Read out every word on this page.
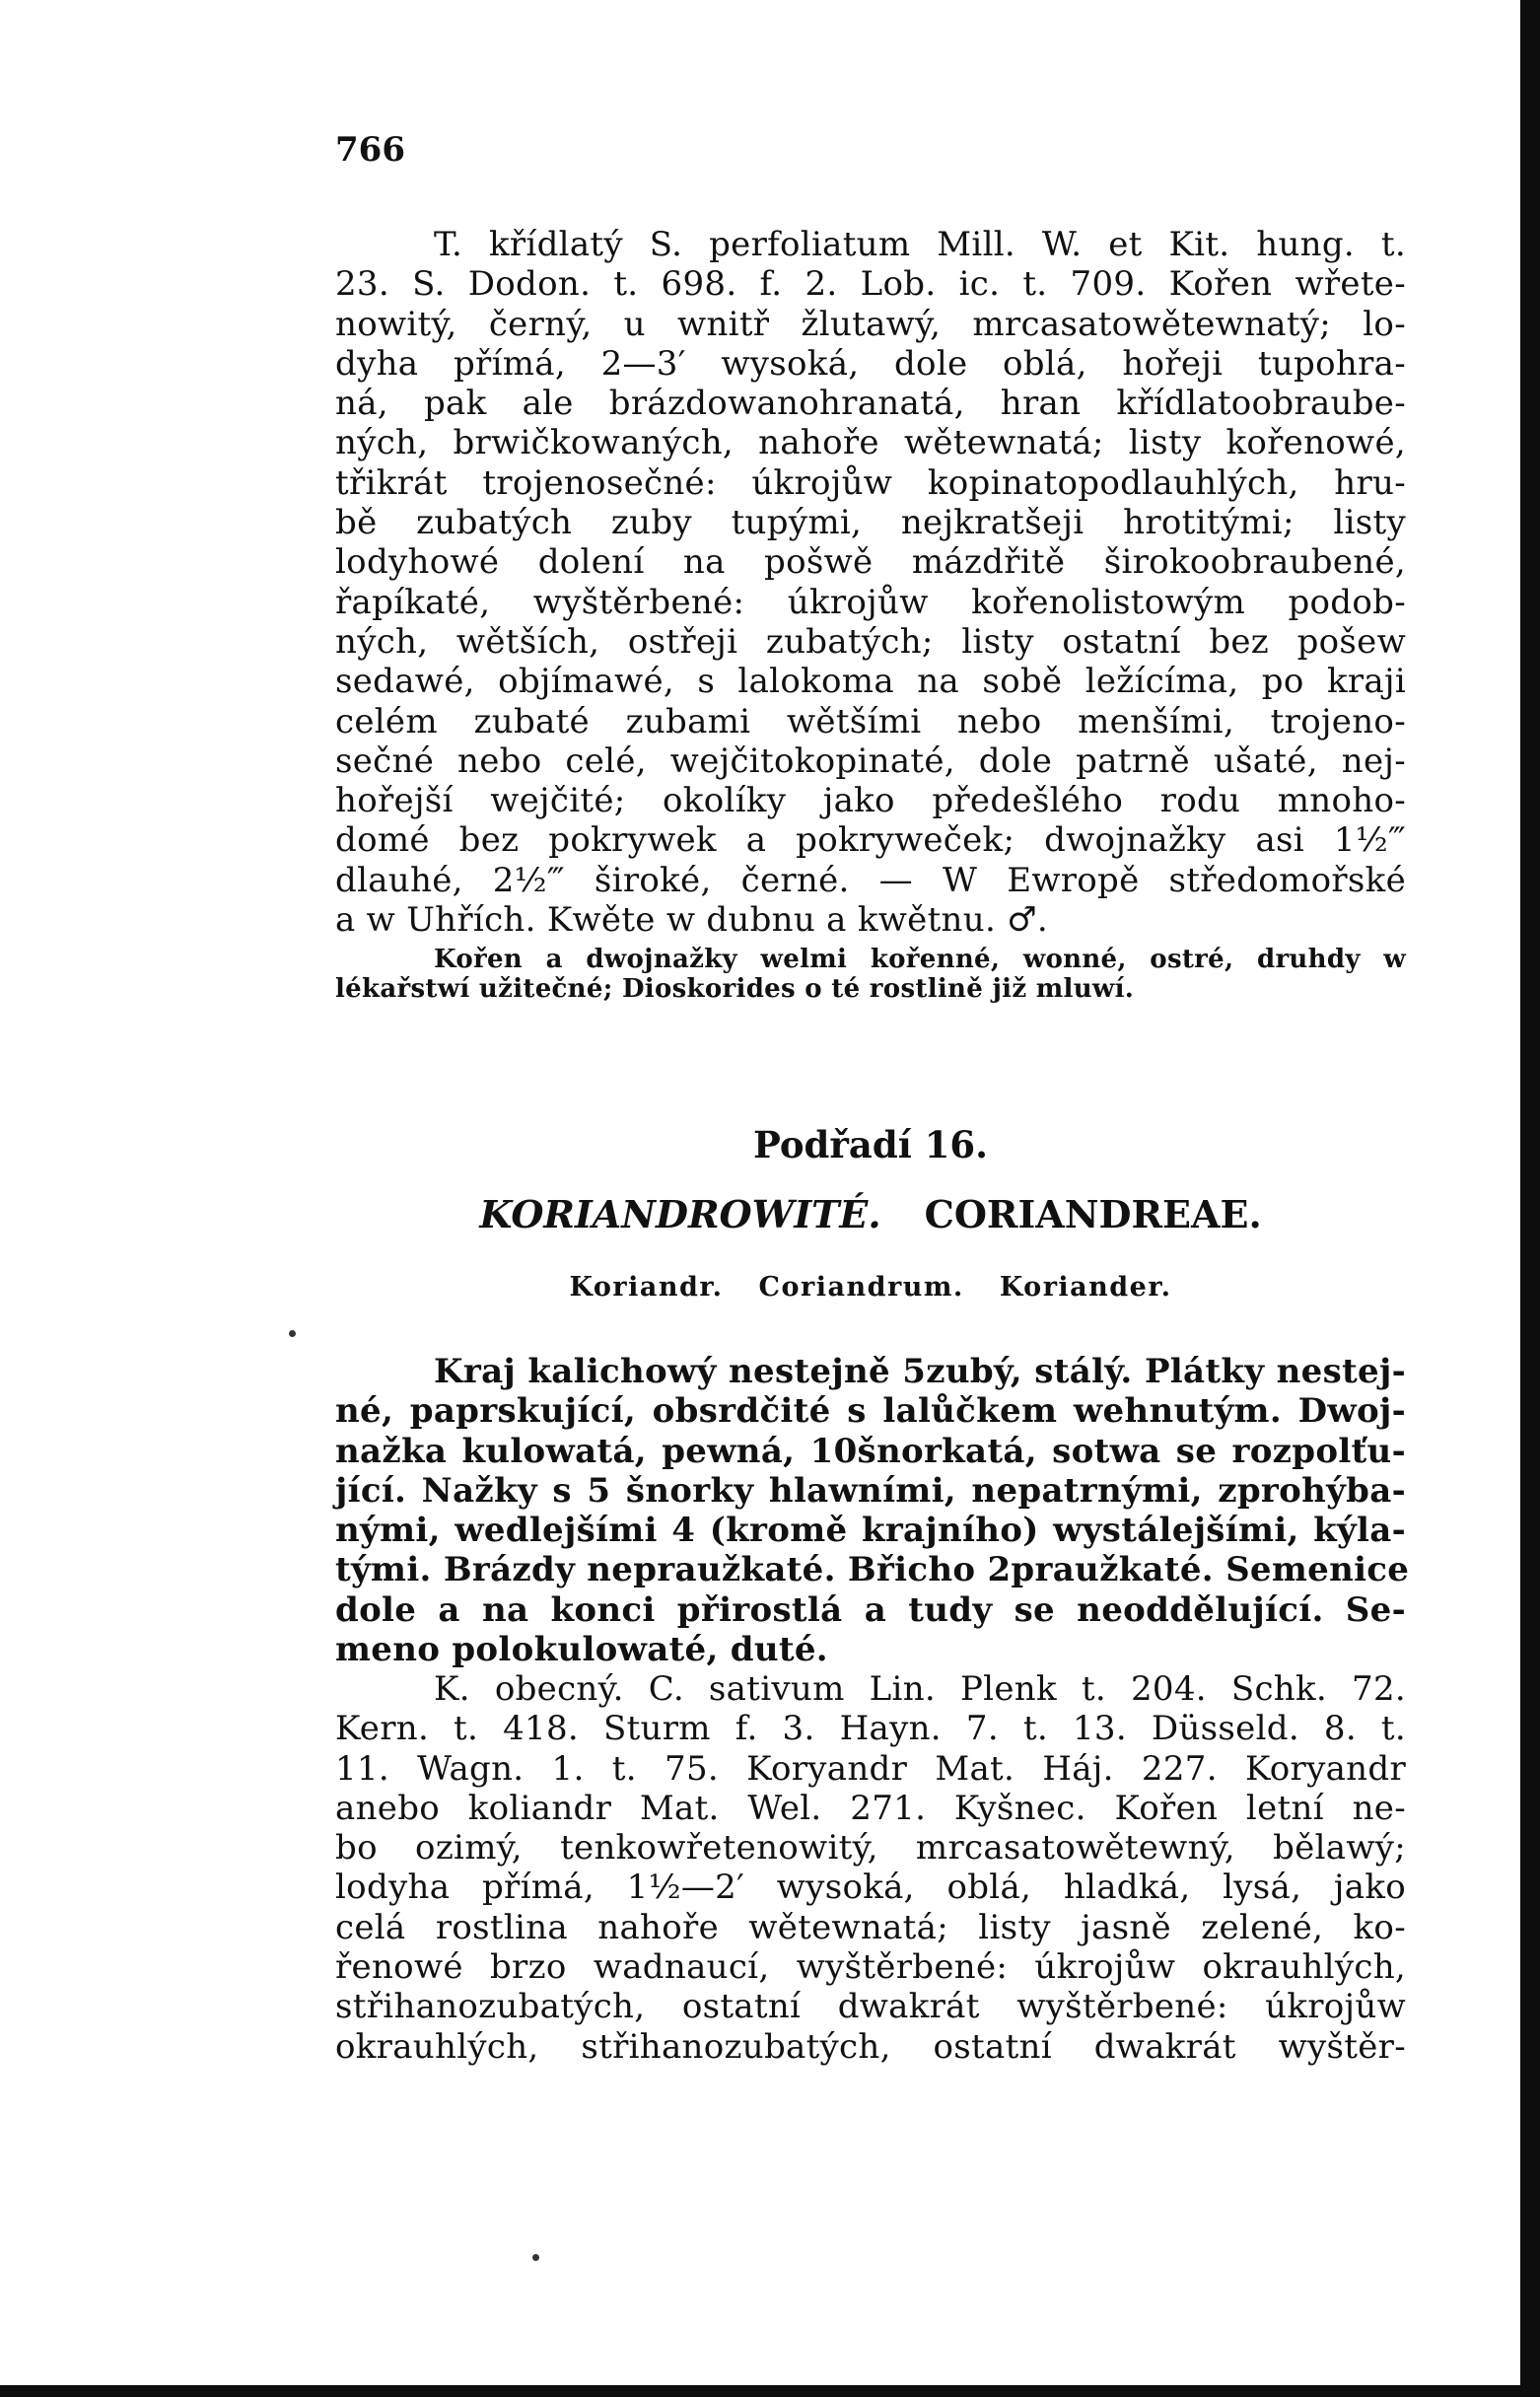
766
T. křídlatý S. perfoliatum Mill. W. et Kit. hung. t.
23. S. Dodon. t. 698. f. 2. Lob. ic. t. 709. Kořen wřete-
nowitý, černý, u wnitř žlutawý, mrcasatowětewnatý; lo-
dyha přímá, 2—3′ wysoká, dole oblá, hořeji tupohra-
ná, pak ale brázdowanohranatá, hran křídlatoobraube-
ných, brwičkowaných, nahoře wětewnatá; listy kořenowé,
třikrát trojenosečné: úkrojůw kopinatopodlauhlých, hru-
bě zubatých zuby tupými, nejkratšeji hrotitými; listy
lodyhowé dolení na pošwě mázdřitě širokoobraubené,
řapíkaté, wyštěrbené: úkrojůw kořenolistowým podob-
ných, wětších, ostřeji zubatých; listy ostatní bez pošew
sedawé, objímawé, s lalokoma na sobě ležícíma, po kraji
celém zubaté zubami wětšími nebo menšími, trojeno-
sečné nebo celé, wejčitokopinaté, dole patrně ušaté, nej-
hořejší wejčité; okolíky jako předešlého rodu mnoho-
domé bez pokrywek a pokryweček; dwojnažky asi 1½‴
dlauhé, 2½‴ široké, černé. — W Ewropě středomořské
a w Uhřích. Kwěte w dubnu a kwětnu. ♂.
Kořen a dwojnažky welmi kořenné, wonné, ostré, druhdy w
lékařstwí užitečné; Dioskorides o té rostlině již mluwí.
Podřadí 16.
KORIANDROWITÉ. CORIANDREAE.
Koriandr. Coriandrum. Koriander.
Kraj kalichowý nestejně 5zubý, stálý. Plátky nestej-
né, paprskující, obsrdčité s lalůčkem wehnutým. Dwoj-
nažka kulowatá, pewná, 10šnorkatá, sotwa se rozpolťu-
jící. Nažky s 5 šnorky hlawními, nepatrnými, zprohýba-
nými, wedlejšími 4 (kromě krajního) wystálejšími, kýla-
tými. Brázdy neprаužkaté. Břicho 2praužkaté. Semenice
dole a na konci přirostlá a tudy se neoddělující. Se-
meno polokulowaté, duté.
K. obecný. C. sativum Lin. Plenk t. 204. Schk. 72.
Kern. t. 418. Sturm f. 3. Hayn. 7. t. 13. Düsseld. 8. t.
11. Wagn. 1. t. 75. Koryandr Mat. Háj. 227. Koryandr
anebo koliandr Mat. Wel. 271. Kyšnec. Kořen letní ne-
bo ozimý, tenkowřetenowitý, mrcasatowětewný, bělawý;
lodyha přímá, 1½—2′ wysoká, oblá, hladká, lysá, jako
celá rostlina nahoře wětewnatá; listy jasně zelené, ko-
řenowé brzo wadnaucí, wyštěrbené: úkrojůw okrauhlých,
střihanozubatých, ostatní dwakrát wyštěrbené: úkrojůw
okrauhlých, střihanozubatých, ostatní dwakrát wyštěr-
